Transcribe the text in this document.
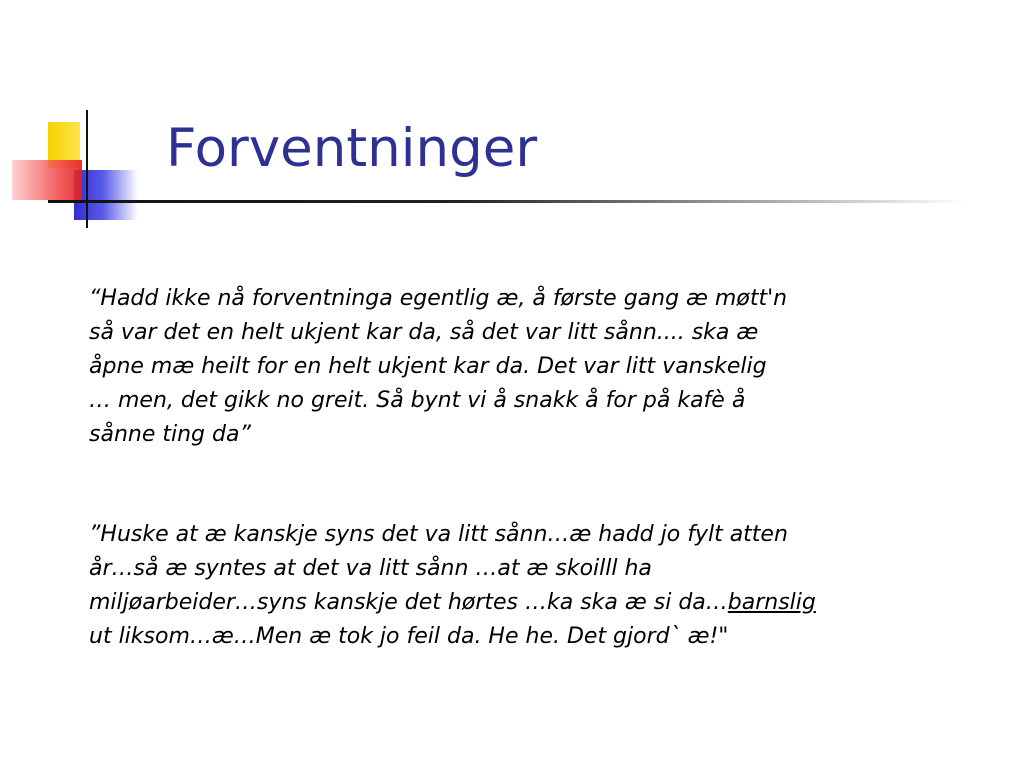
Forventninger

“Hadd ikke nå forventninga egentlig æ, å første gang æ møtt'n

så var det en helt ukjent kar da, så det var litt sånn.... ska æ

åpne mæ heilt for en helt ukjent kar da. Det var litt vanskelig

… men, det gikk no greit. Så bynt vi å snakk å for på kafè å

sånne ting da”

”Huske at æ kanskje syns det va litt sånn…æ hadd jo fylt atten

år…så æ syntes at det va litt sånn …at æ skoilll ha

miljøarbeider…syns kanskje det hørtes …ka ska æ si da…barnslig

ut liksom…æ…Men æ tok jo feil da. He he. Det gjord` æ!"
